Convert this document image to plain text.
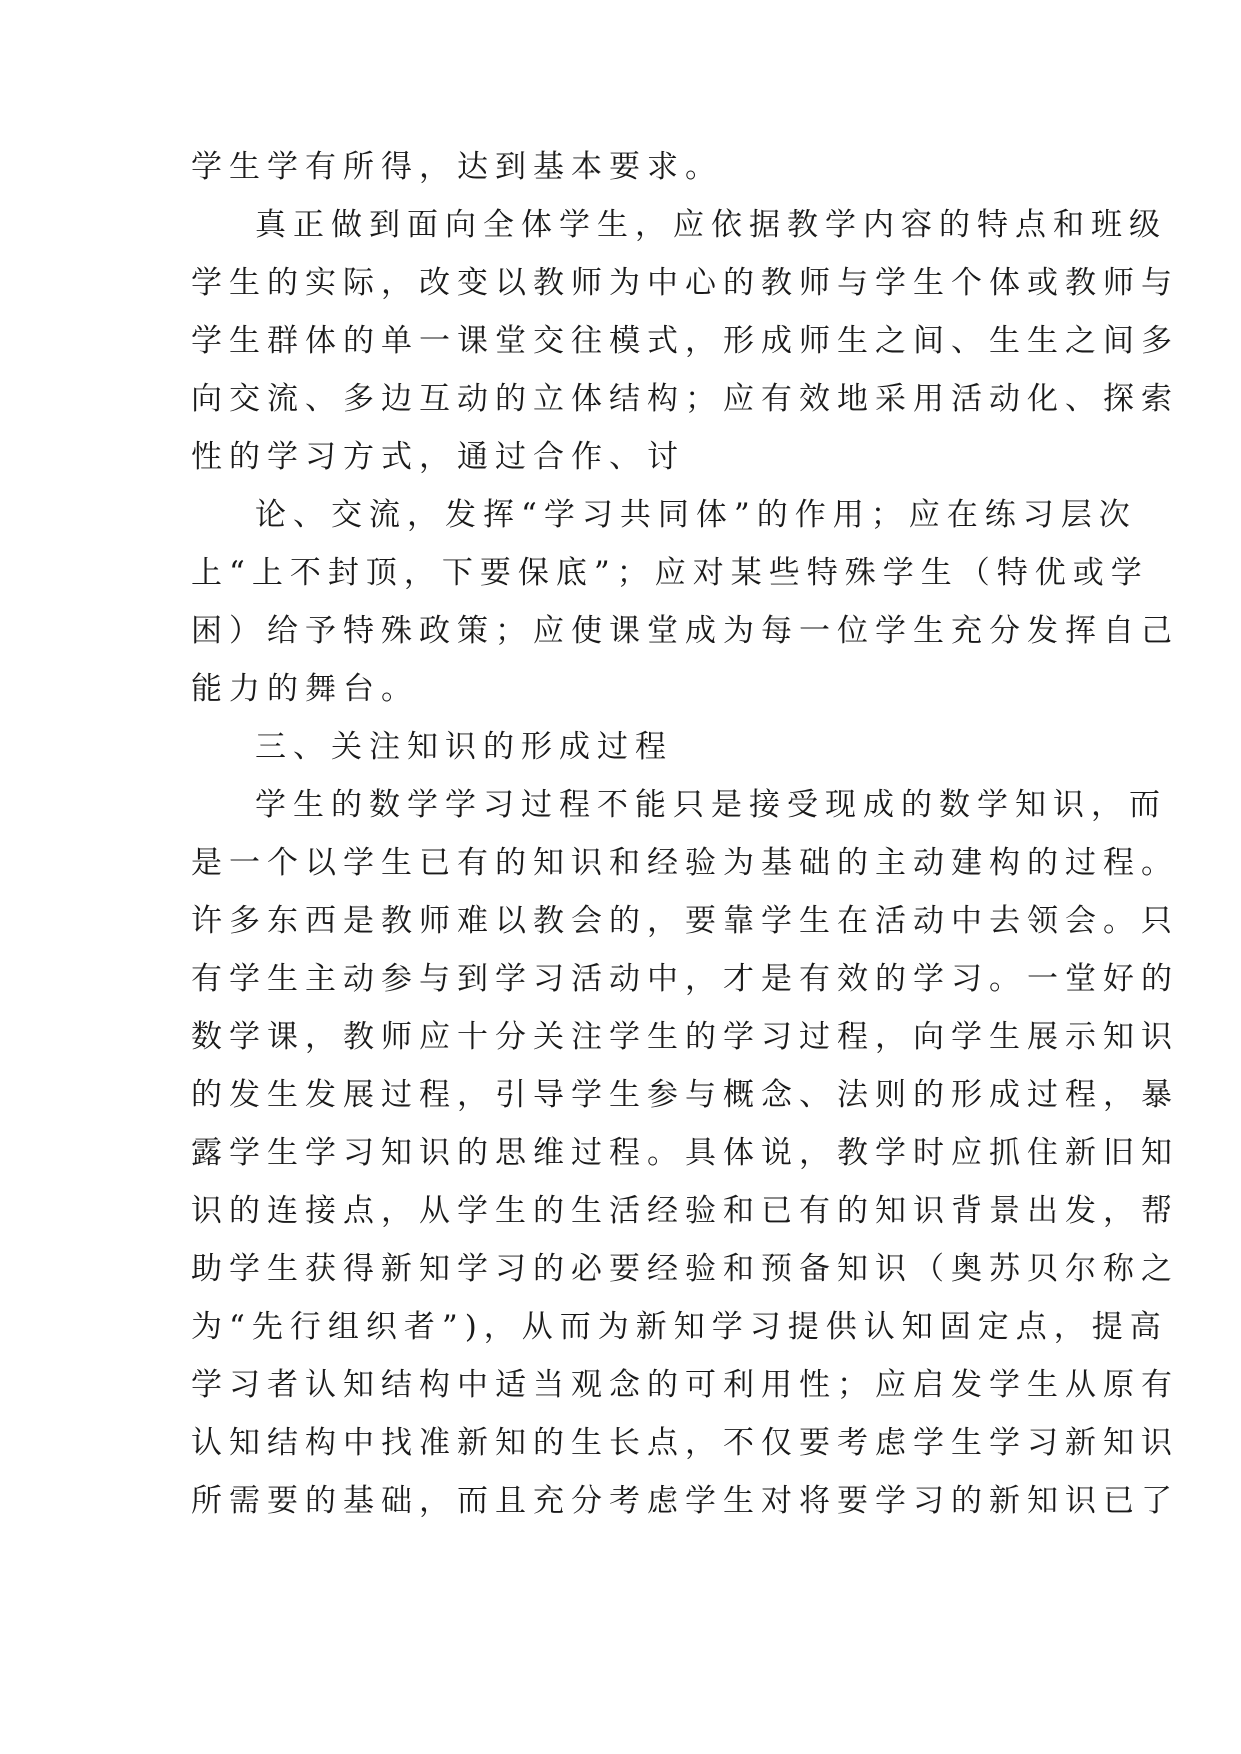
学生学有所得，达到基本要求。
真正做到面向全体学生，应依据教学内容的特点和班级
学生的实际，改变以教师为中心的教师与学生个体或教师与
学生群体的单一课堂交往模式，形成师生之间、生生之间多
向交流、多边互动的立体结构；应有效地采用活动化、探索
性的学习方式，通过合作、讨
论、交流，发挥“学习共同体”的作用；应在练习层次
上“上不封顶，下要保底”；应对某些特殊学生（特优或学
困）给予特殊政策；应使课堂成为每一位学生充分发挥自己
能力的舞台。
三、关注知识的形成过程
学生的数学学习过程不能只是接受现成的数学知识，而
是一个以学生已有的知识和经验为基础的主动建构的过程。
许多东西是教师难以教会的，要靠学生在活动中去领会。只
有学生主动参与到学习活动中，才是有效的学习。一堂好的
数学课，教师应十分关注学生的学习过程，向学生展示知识
的发生发展过程，引导学生参与概念、法则的形成过程，暴
露学生学习知识的思维过程。具体说，教学时应抓住新旧知
识的连接点，从学生的生活经验和已有的知识背景出发，帮
助学生获得新知学习的必要经验和预备知识（奥苏贝尔称之
为“先行组织者”)，从而为新知学习提供认知固定点，提高
学习者认知结构中适当观念的可利用性；应启发学生从原有
认知结构中找准新知的生长点，不仅要考虑学生学习新知识
所需要的基础，而且充分考虑学生对将要学习的新知识已了
